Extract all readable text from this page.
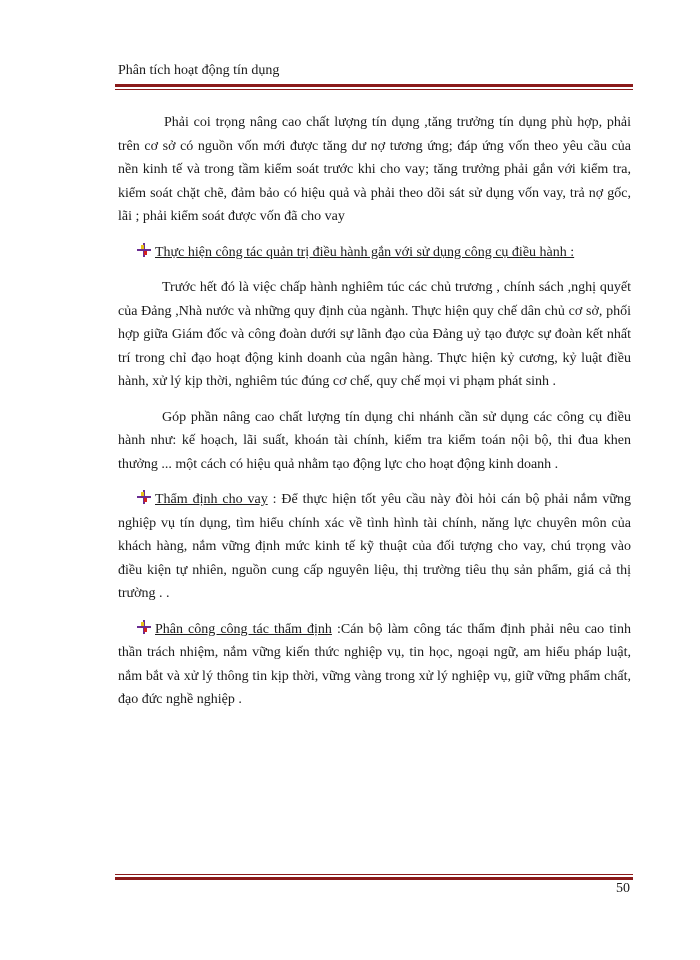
Phân tích hoạt động tín dụng

Phải coi trọng nâng cao chất lượng tín dụng ,tăng trưởng tín dụng phù hợp, phải trên cơ sở có nguồn vốn mới được tăng dư nợ tương ứng; đáp ứng vốn theo yêu cầu của nền kinh tế và trong tầm kiểm soát trước khi cho vay; tăng trưởng phải gắn với kiểm tra, kiểm soát chặt chẽ, đảm bảo có hiệu quả và phải theo dõi sát sử dụng vốn vay, trả nợ gốc, lãi ; phải kiểm soát được vốn đã cho vay

Thực hiện công tác quản trị điều hành gắn với sử dụng công cụ điều hành :

Trước hết đó là việc chấp hành nghiêm túc các chủ trương , chính sách ,nghị quyết của Đảng ,Nhà nước và những quy định của ngành. Thực hiện quy chế dân chủ cơ sở, phối hợp giữa Giám đốc và công đoàn dưới sự lãnh đạo của Đảng uỷ tạo được sự đoàn kết nhất trí trong chỉ đạo hoạt động kinh doanh của ngân hàng. Thực hiện kỷ cương, kỷ luật điều hành, xử lý kịp thời, nghiêm túc đúng cơ chế, quy chế mọi vi phạm phát sinh .

Góp phần nâng cao chất lượng tín dụng chi nhánh cần sử dụng các công cụ điều hành như: kế hoạch, lãi suất, khoán tài chính, kiểm tra kiểm toán nội bộ, thi đua khen thưởng ... một cách có hiệu quả nhằm tạo động lực cho hoạt động kinh doanh .

Thẩm định cho vay : Để thực hiện tốt yêu cầu này đòi hỏi cán bộ phải nắm vững nghiệp vụ tín dụng, tìm hiểu chính xác về tình hình tài chính, năng lực chuyên môn của khách hàng, nắm vững định mức kinh tế kỹ thuật của đối tượng cho vay, chú trọng vào điều kiện tự nhiên, nguồn cung cấp nguyên liệu, thị trường tiêu thụ sản phẩm, giá cả thị trường . .

Phân công công tác thẩm định :Cán bộ làm công tác thẩm định phải nêu cao tinh thần trách nhiệm, nắm vững kiến thức nghiệp vụ, tin học, ngoại ngữ, am hiểu pháp luật, nắm bắt và xử lý thông tin kịp thời, vững vàng trong xử lý nghiệp vụ, giữ vững phẩm chất, đạo đức nghề nghiệp .

50
